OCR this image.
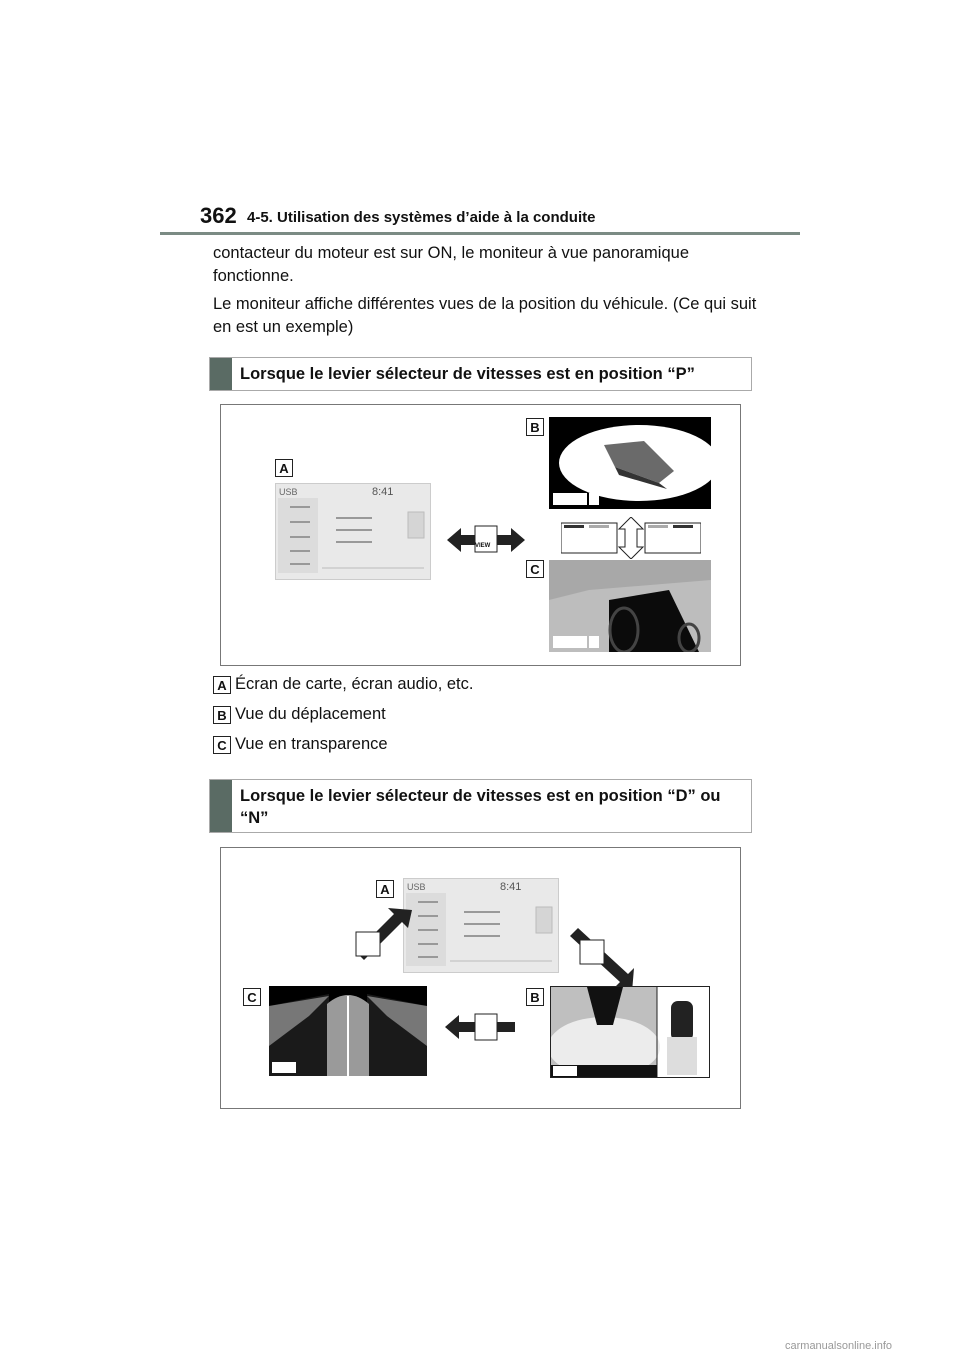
362 4-5. Utilisation des systèmes d’aide à la conduite
contacteur du moteur est sur ON, le moniteur à vue panoramique fonctionne.
Le moniteur affiche différentes vues de la position du véhicule. (Ce qui suit en est un exemple)
Lorsque le levier sélecteur de vitesses est en position “P”
A
USB	8:41
VIEW
B
C
A Écran de carte, écran audio, etc.
B Vue du déplacement
C Vue en transparence
Lorsque le levier sélecteur de vitesses est en position “D” ou “N”
A	USB	8:41
C	B
carmanualsonline.info
